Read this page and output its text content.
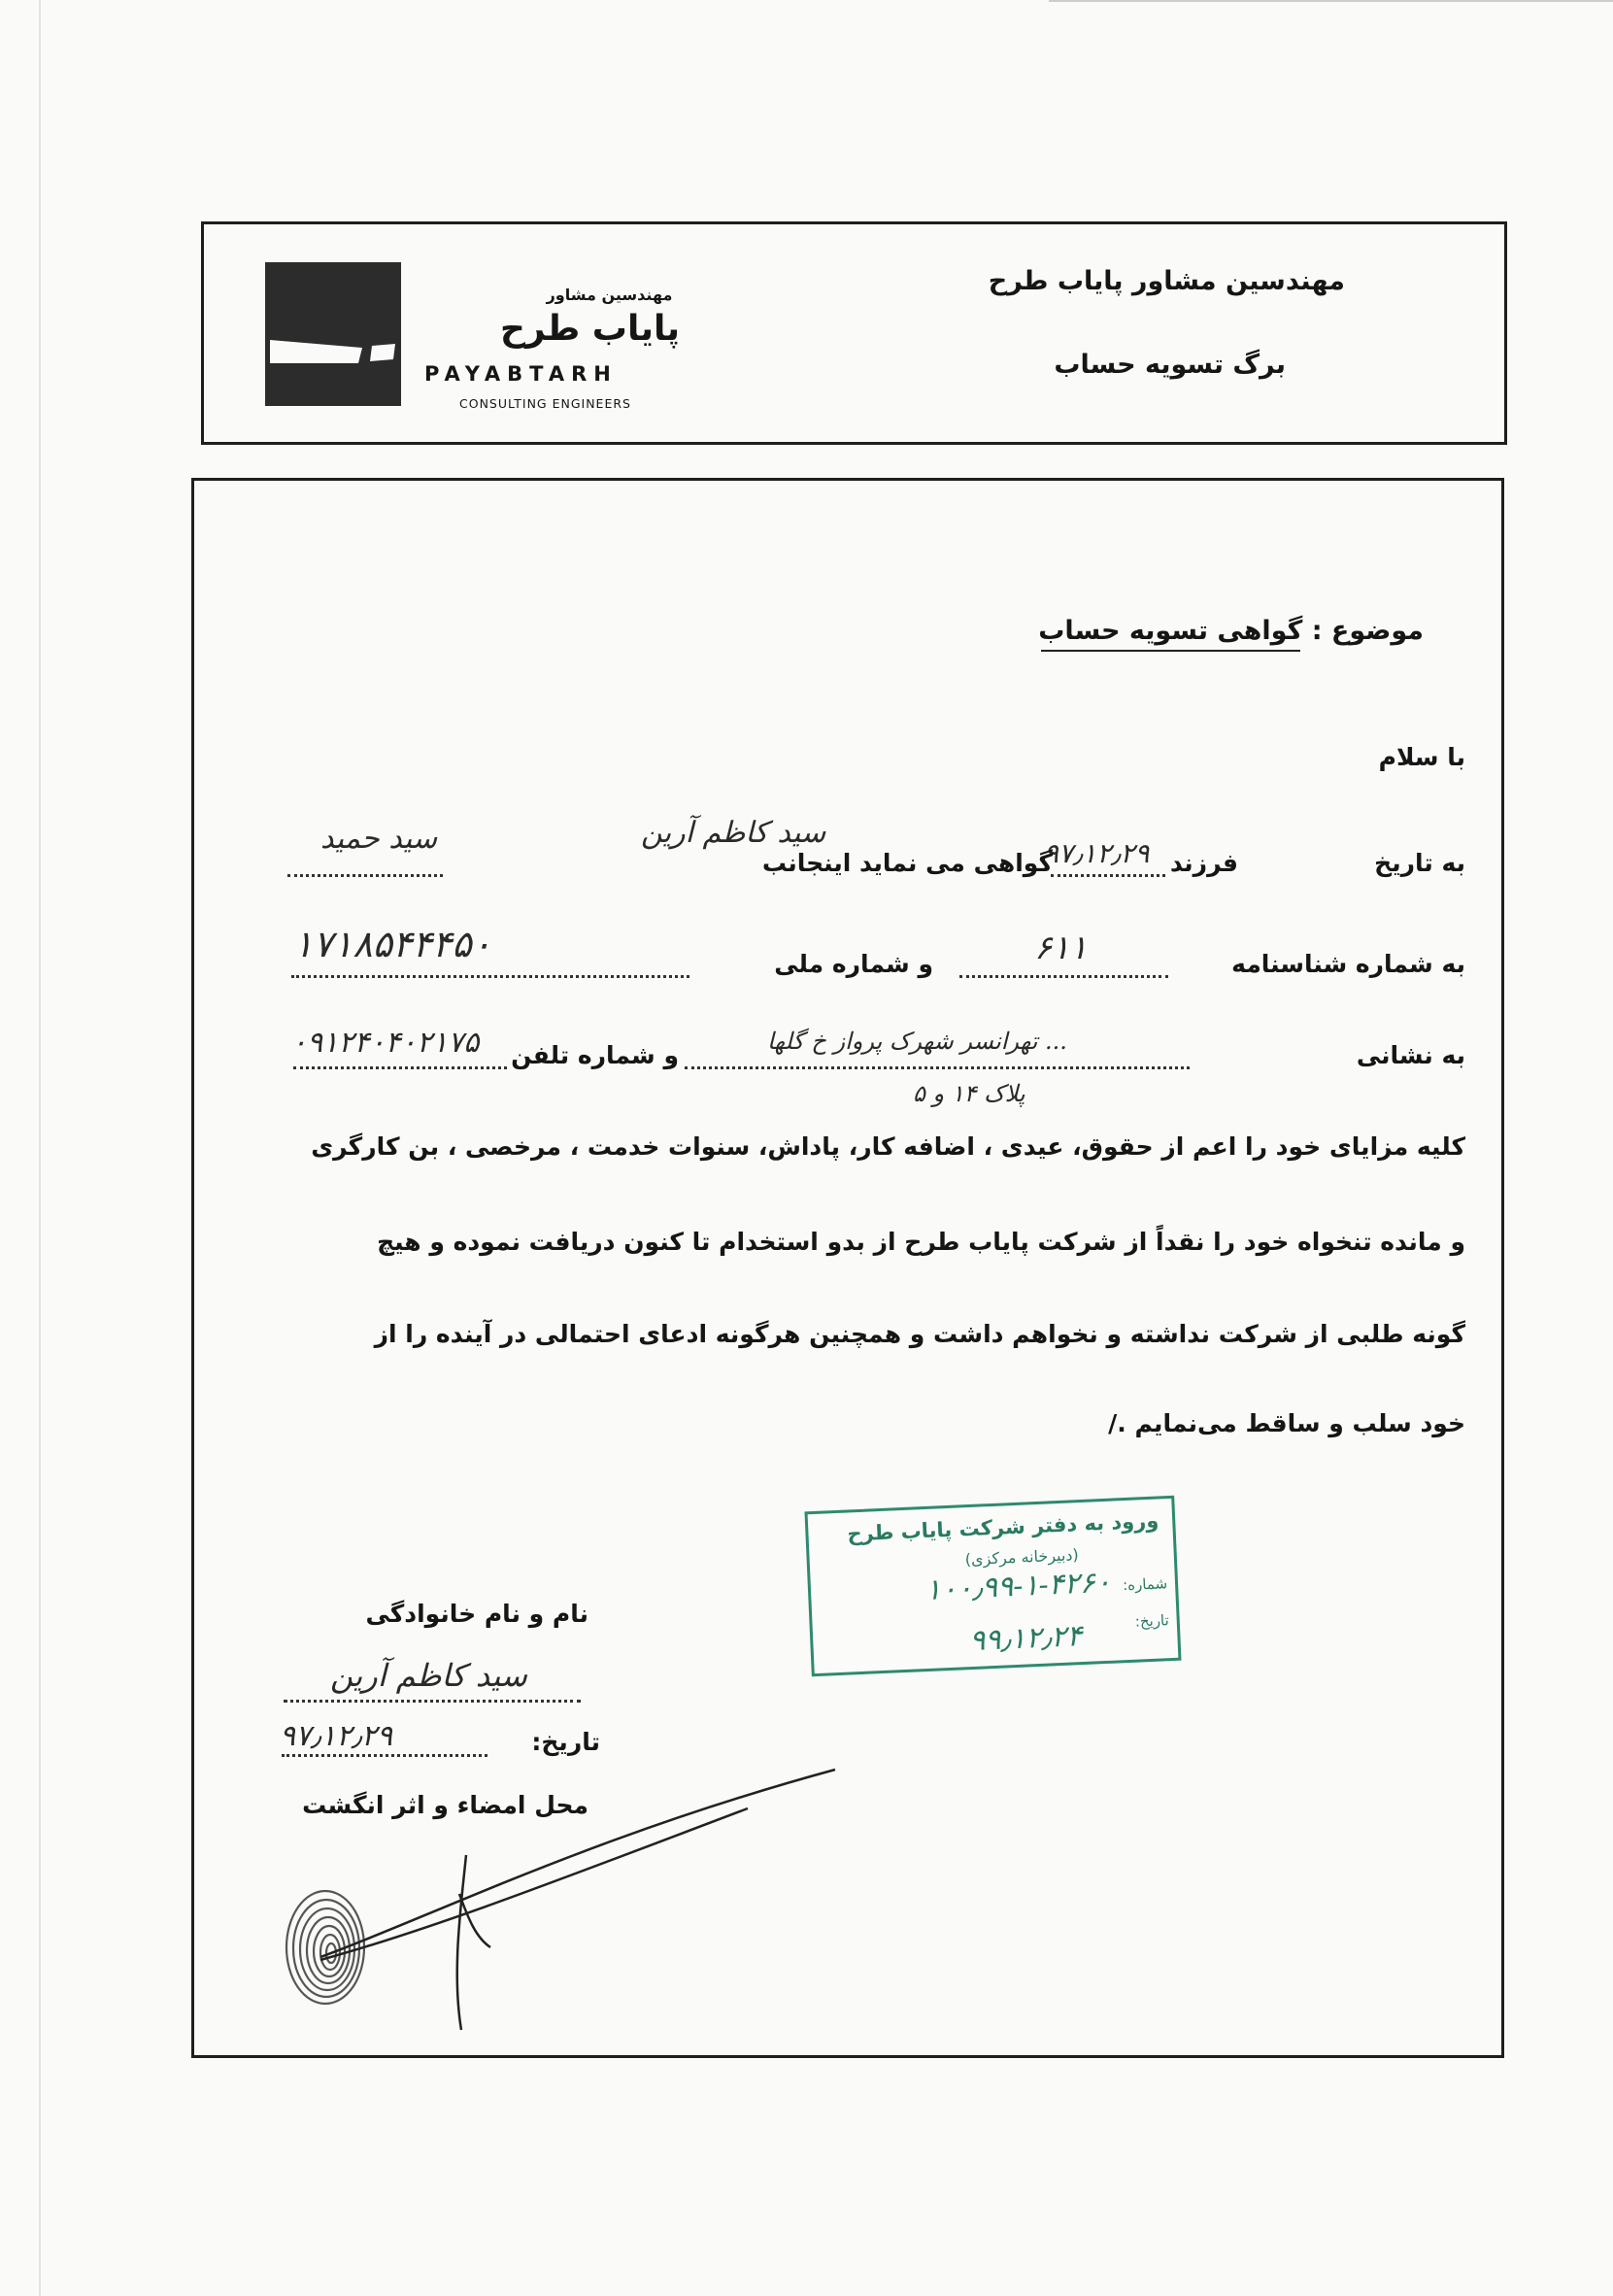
مهندسین مشاور
پایاب طرح
PAYABTARH
CONSULTING ENGINEERS
مهندسین مشاور پایاب طرح
برگ تسویه حساب
موضوع : گواهی تسویه حساب
با سلام
به تاریخ
۹۷٫۱۲٫۲۹
گواهی می نماید اینجانب
سید کاظم آرین
فرزند
سید حمید
به شماره شناسنامه
۶۱۱
و شماره ملی
۱۷۱۸۵۴۴۴۵۰
به نشانی
تهرانسر شهرک پرواز خ گلها ...
و شماره تلفن
۰۹۱۲۴۰۴۰۲۱۷۵
پلاک ۱۴ و ۵
کلیه مزایای خود را اعم از حقوق، عیدی ، اضافه کار، پاداش، سنوات خدمت ، مرخصی ، بن کارگری
و مانده تنخواه خود را نقداً از شرکت پایاب طرح از بدو استخدام تا کنون دریافت نموده و هیچ
گونه طلبی از شرکت نداشته و نخواهم داشت و همچنین هرگونه ادعای احتمالی در آینده را از
خود سلب و ساقط می‌نمایم ./
ورود به دفتر شرکت پایاب طرح
(دبیرخانه مرکزی)
شماره:
۱۰۰٫۹۹-۱-۴۲۶۰
تاریخ:
۹۹٫۱۲٫۲۴
نام و نام خانوادگی
سید کاظم آرین
تاریخ:
۹۷٫۱۲٫۲۹
محل امضاء و اثر انگشت
